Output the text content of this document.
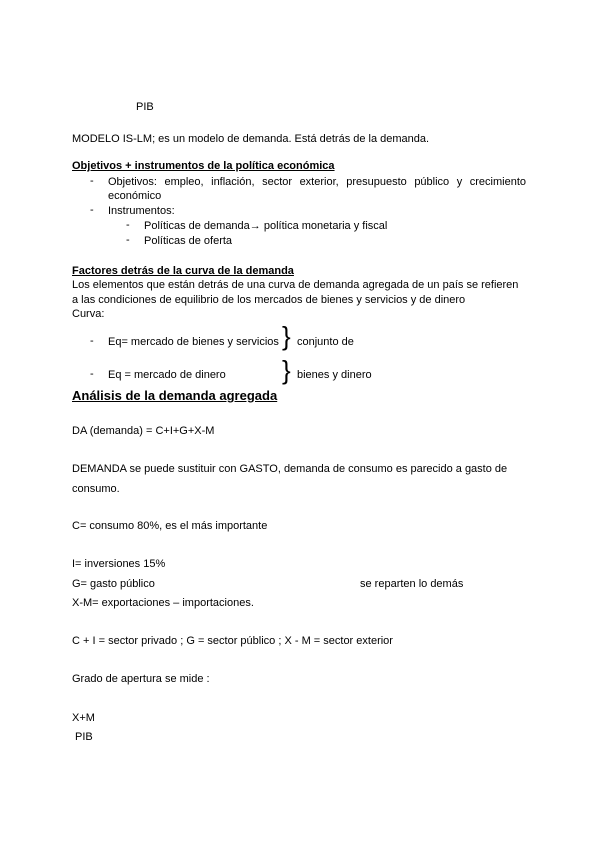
PIB
MODELO IS-LM; es un modelo de demanda. Está detrás de la demanda.
Objetivos + instrumentos de la política económica
- Objetivos: empleo, inflación, sector exterior, presupuesto público y crecimiento económico
- Instrumentos:
- Políticas de demanda→ política monetaria y fiscal
- Políticas de oferta
Factores detrás de la curva de la demanda
Los elementos que están detrás de una curva de demanda agregada de un país se refieren
a las condiciones de equilibrio de los mercados de bienes y servicios y de dinero
Curva:
- Eq= mercado de bienes y servicios } conjunto de
- Eq = mercado de dinero } bienes y dinero
Análisis de la demanda agregada
DA (demanda) = C+I+G+X-M
DEMANDA se puede sustituir con GASTO, demanda de consumo es parecido a gasto de
consumo.
C= consumo 80%, es el más importante
I= inversiones 15%
G= gasto público	se reparten lo demás
X-M= exportaciones – importaciones.
C + I = sector privado ; G = sector público ; X - M = sector exterior
Grado de apertura se mide :
X+M
PIB
